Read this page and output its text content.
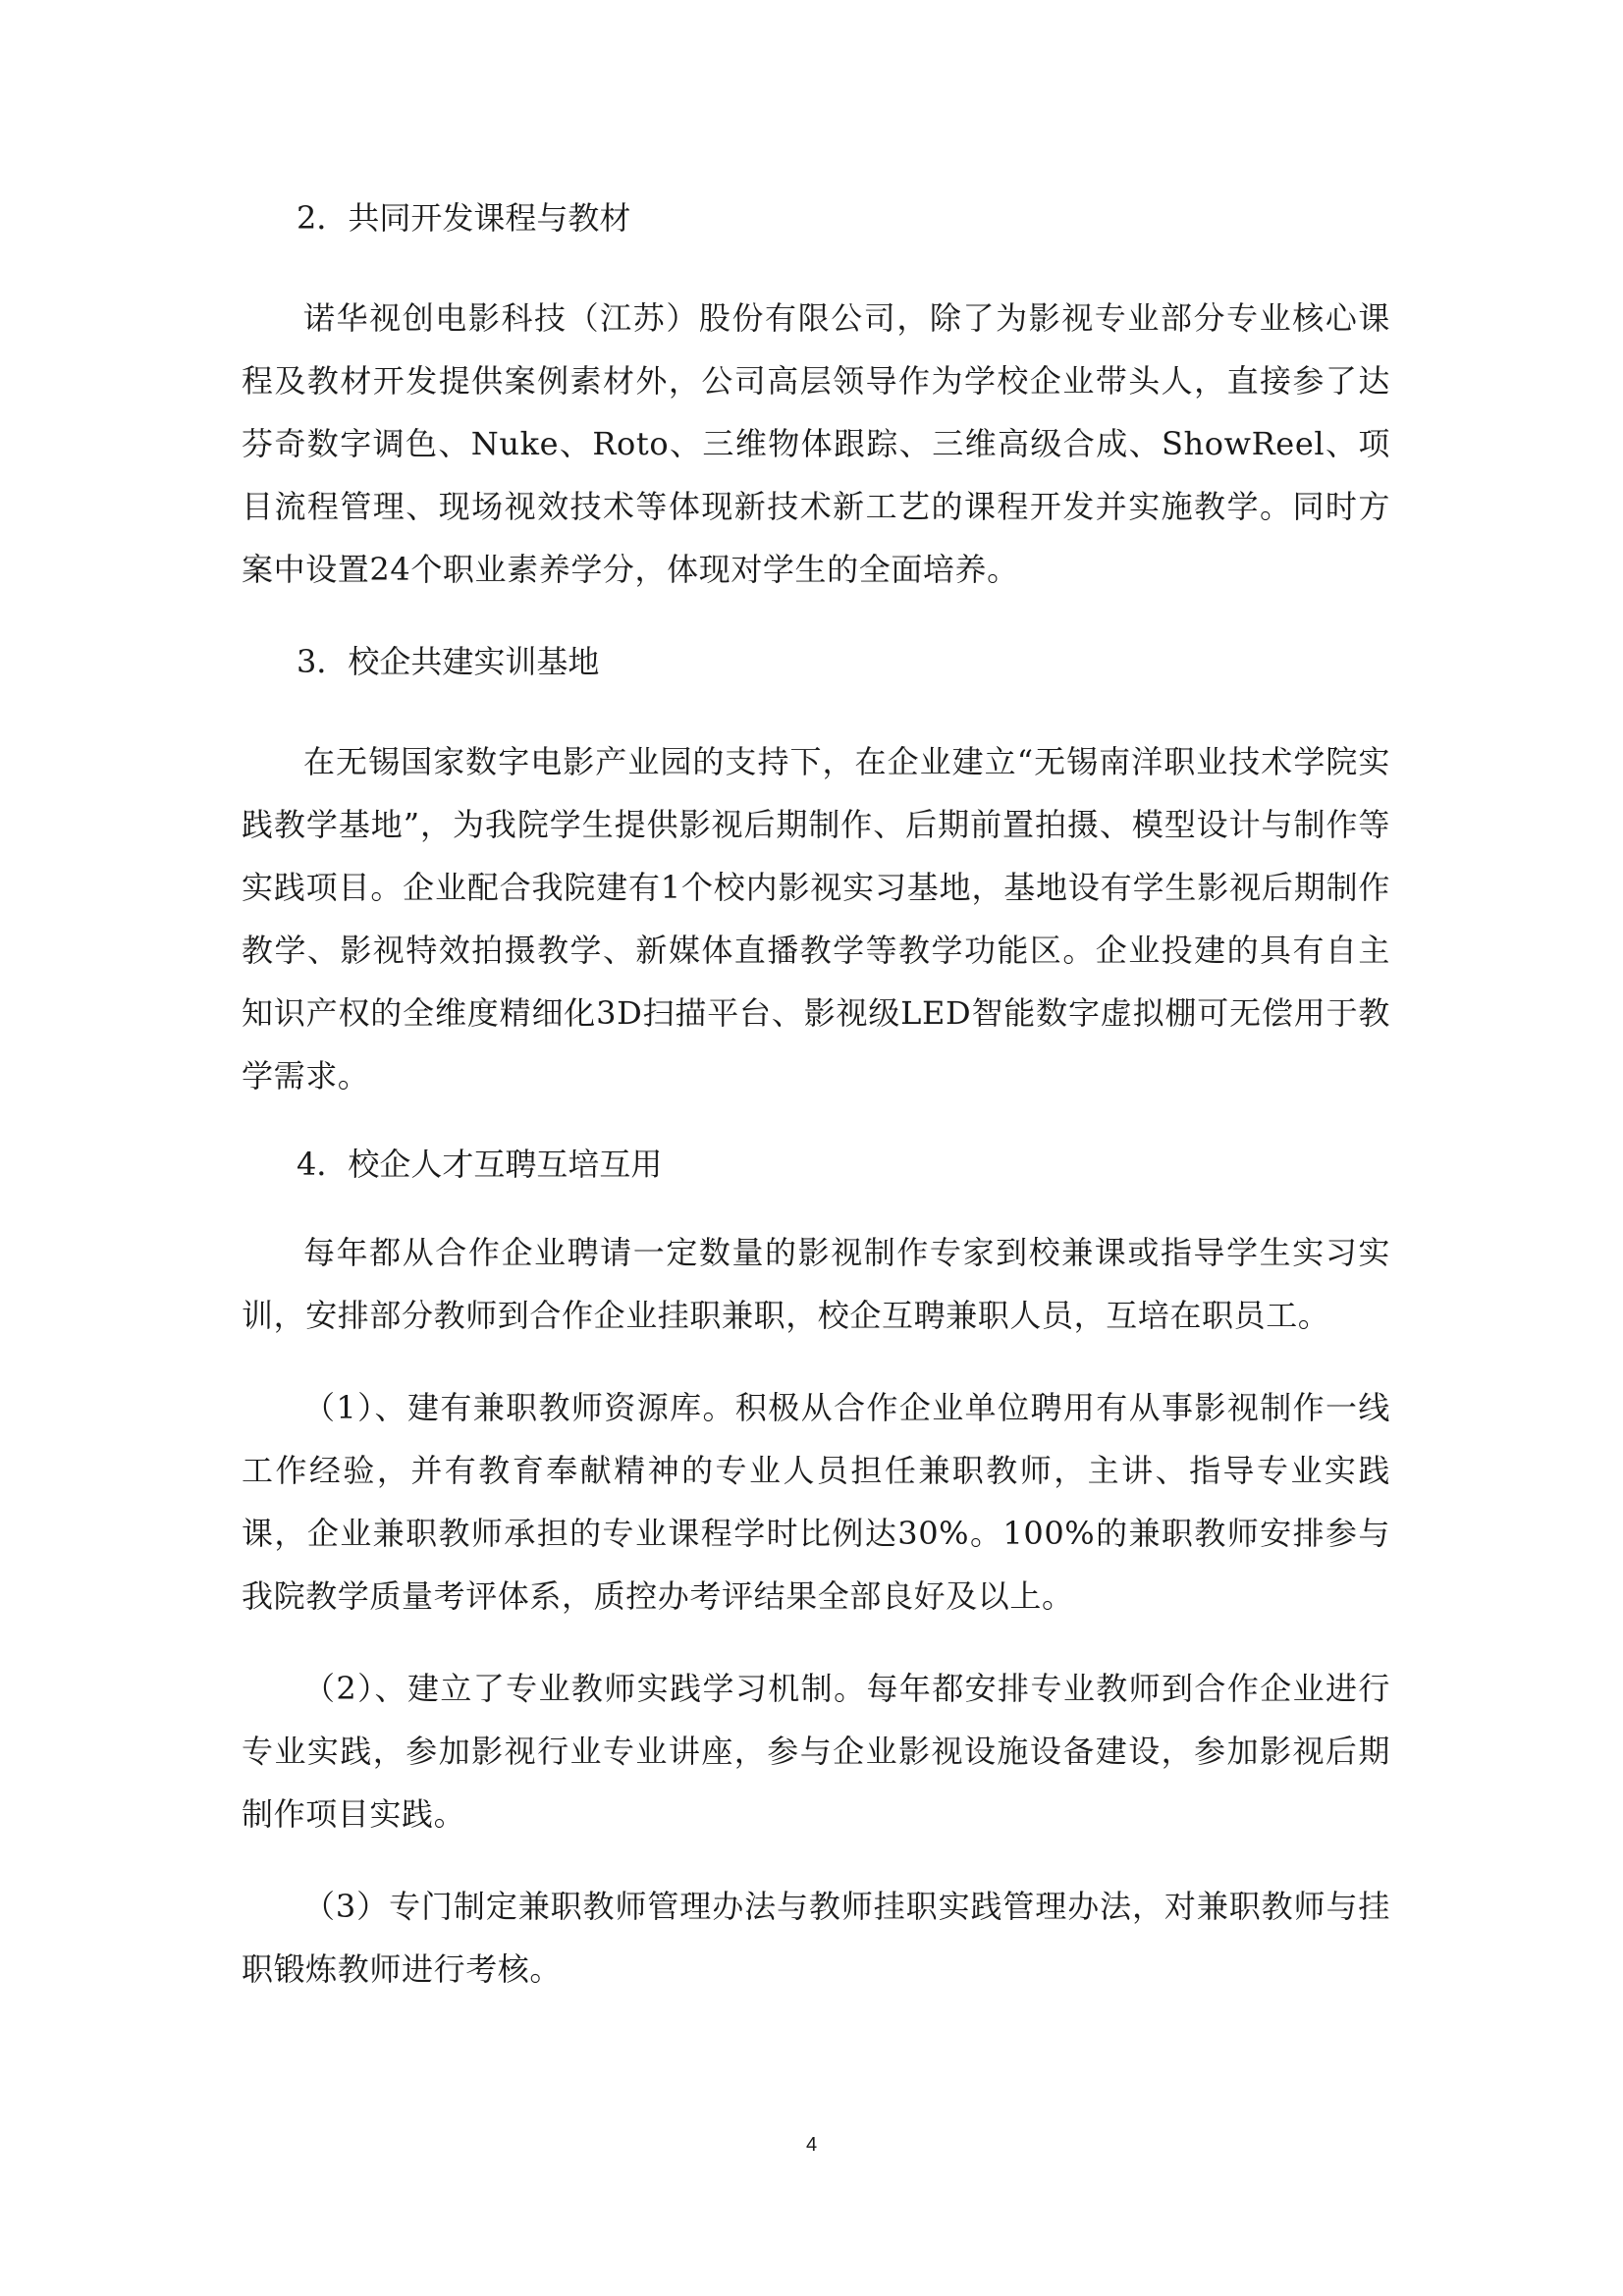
2．共同开发课程与教材

诺华视创电影科技（江苏）股份有限公司，除了为影视专业部分专业核心课程及教材开发提供案例素材外，公司高层领导作为学校企业带头人，直接参了达芬奇数字调色、Nuke、Roto、三维物体跟踪、三维高级合成、ShowReel、项目流程管理、现场视效技术等体现新技术新工艺的课程开发并实施教学。同时方案中设置24个职业素养学分，体现对学生的全面培养。

3．校企共建实训基地

在无锡国家数字电影产业园的支持下，在企业建立“无锡南洋职业技术学院实践教学基地”，为我院学生提供影视后期制作、后期前置拍摄、模型设计与制作等实践项目。企业配合我院建有1个校内影视实习基地，基地设有学生影视后期制作教学、影视特效拍摄教学、新媒体直播教学等教学功能区。企业投建的具有自主知识产权的全维度精细化3D扫描平台、影视级LED智能数字虚拟棚可无偿用于教学需求。

4．校企人才互聘互培互用

每年都从合作企业聘请一定数量的影视制作专家到校兼课或指导学生实习实训，安排部分教师到合作企业挂职兼职，校企互聘兼职人员，互培在职员工。

（1）、建有兼职教师资源库。积极从合作企业单位聘用有从事影视制作一线工作经验，并有教育奉献精神的专业人员担任兼职教师，主讲、指导专业实践课，企业兼职教师承担的专业课程学时比例达30%。100%的兼职教师安排参与我院教学质量考评体系，质控办考评结果全部良好及以上。

（2）、建立了专业教师实践学习机制。每年都安排专业教师到合作企业进行专业实践，参加影视行业专业讲座，参与企业影视设施设备建设，参加影视后期制作项目实践。

（3）专门制定兼职教师管理办法与教师挂职实践管理办法，对兼职教师与挂职锻炼教师进行考核。

4
